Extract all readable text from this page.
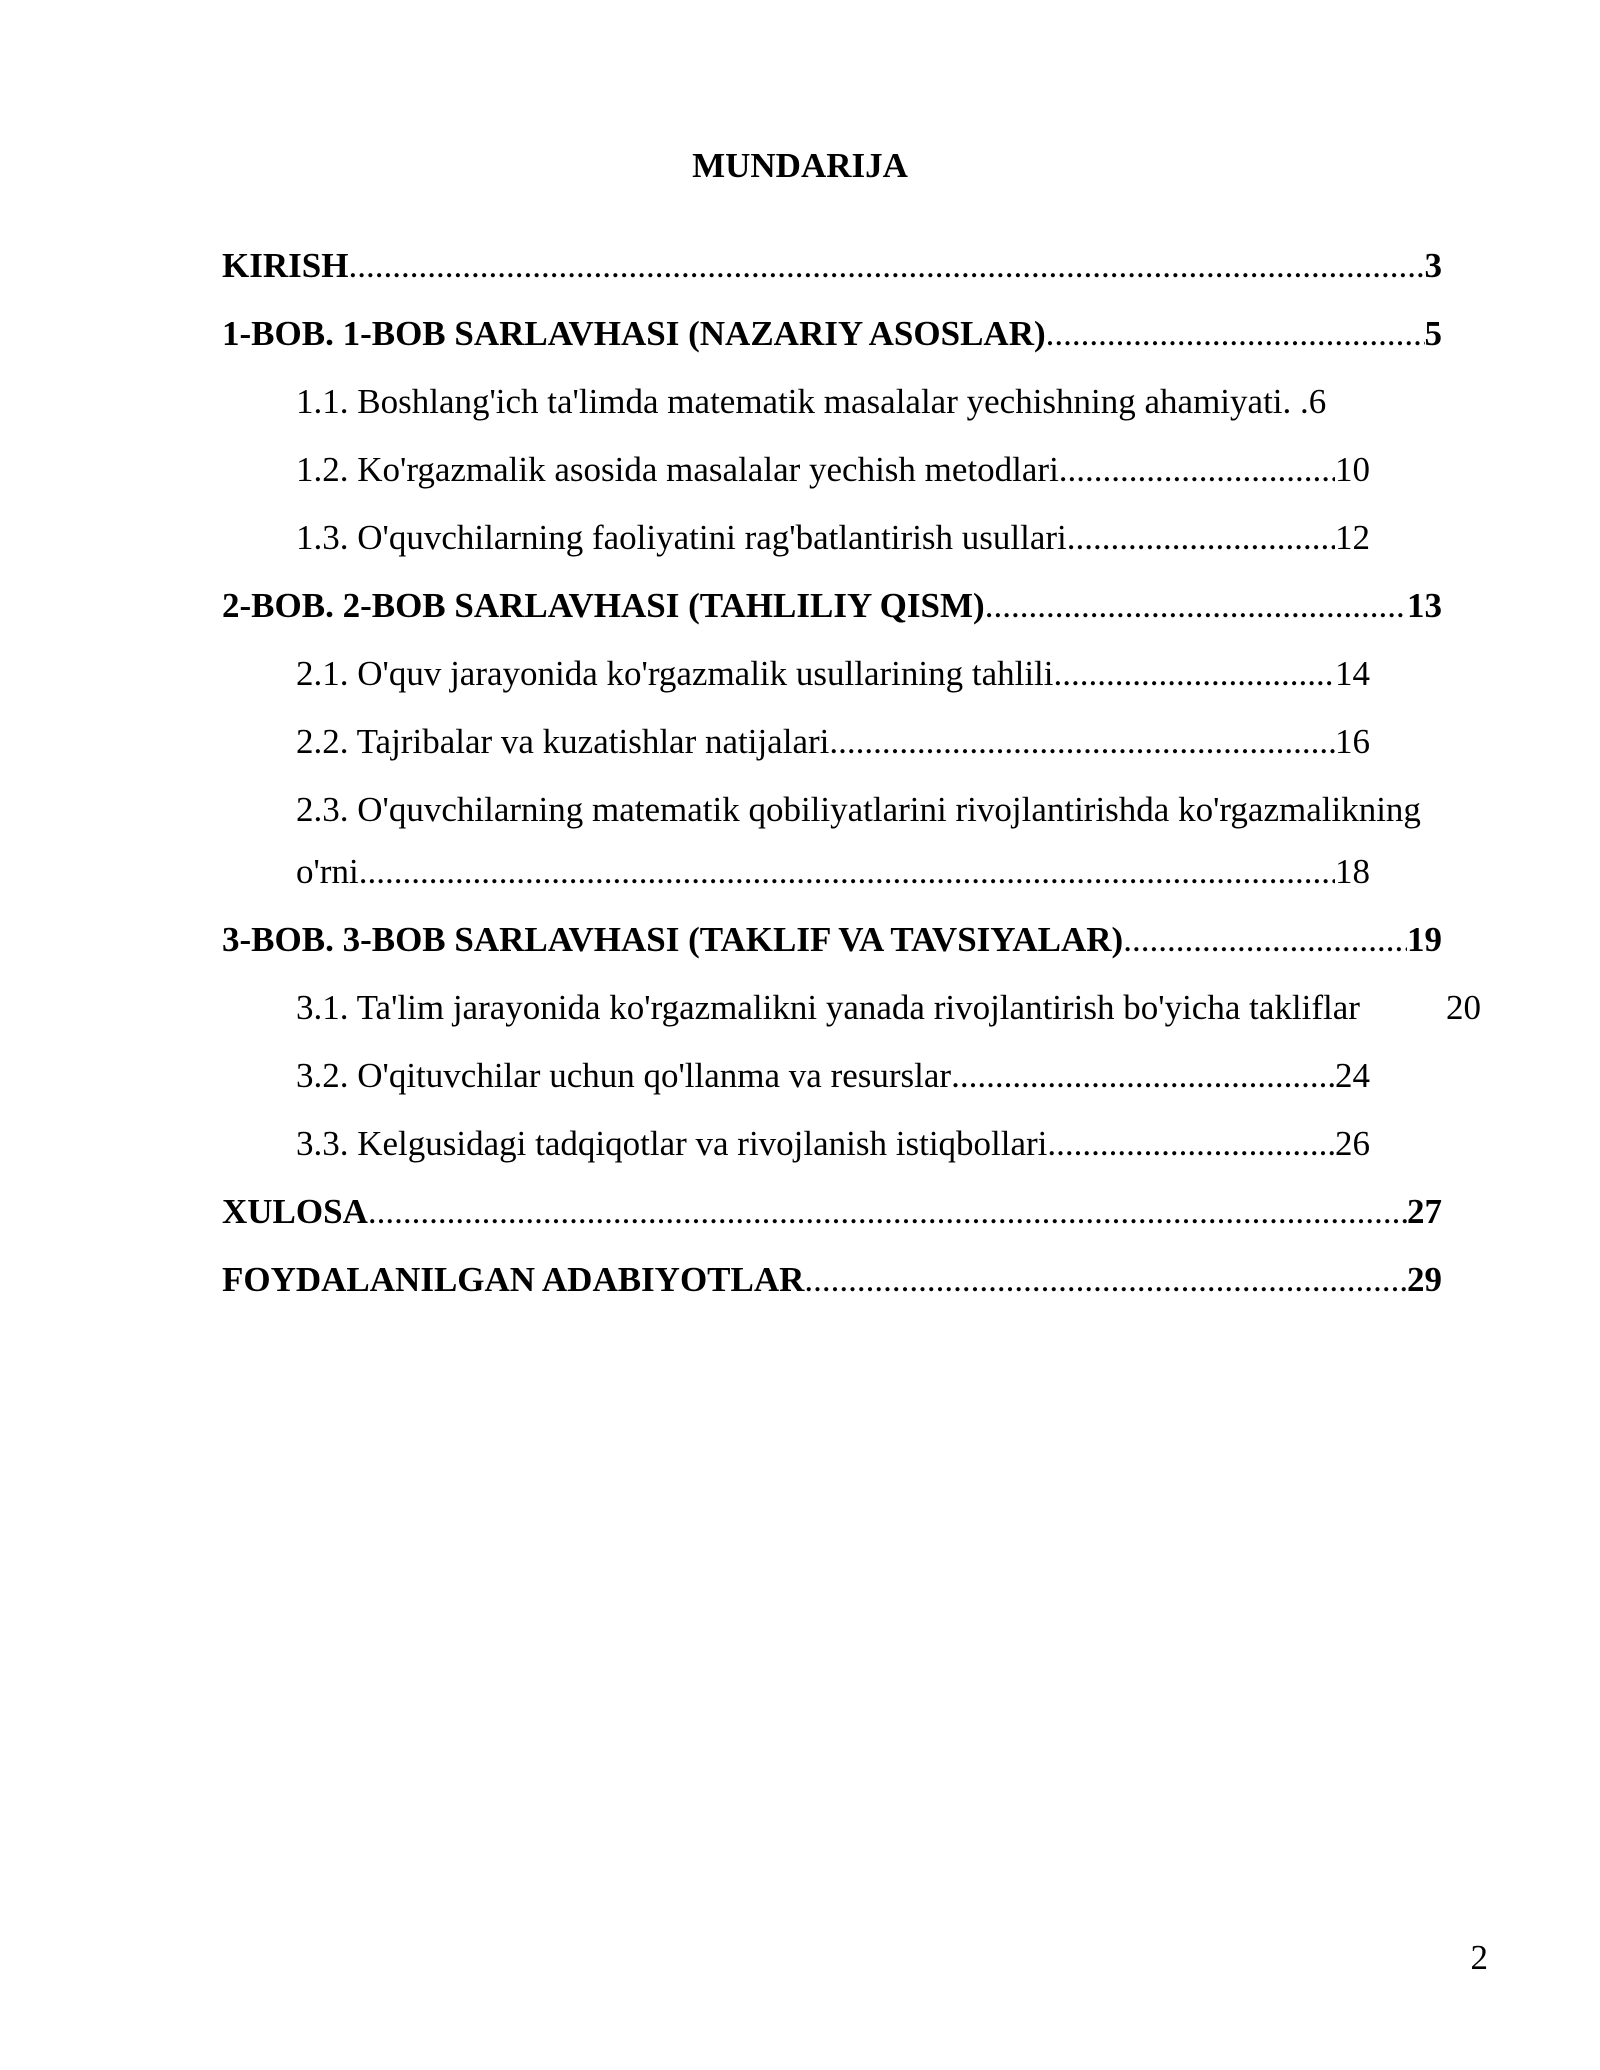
MUNDARIJA
KIRISH .....	3
1-BOB. 1-BOB SARLAVHASI (NAZARIY ASOSLAR) .....	5
1.1. Boshlang'ich ta'limda matematik masalalar yechishning ahamiyati. . 6
1.2. Ko'rgazmalik asosida masalalar yechish metodlari .....	10
1.3. O'quvchilarning faoliyatini rag'batlantirish usullari .....	12
2-BOB. 2-BOB SARLAVHASI (TAHLILIY QISM) .....	13
2.1. O'quv jarayonida ko'rgazmalik usullarining tahlili .....	14
2.2. Tajribalar va kuzatishlar natijalari .....	16
2.3. O'quvchilarning matematik qobiliyatlarini rivojlantirishda ko'rgazmalikning
o'rni .....	18
3-BOB. 3-BOB SARLAVHASI (TAKLIF VA TAVSIYALAR) .....	19
3.1. Ta'lim jarayonida ko'rgazmalikni yanada rivojlantirish bo'yicha takliflar 20
3.2. O'qituvchilar uchun qo'llanma va resurslar .....	24
3.3. Kelgusidagi tadqiqotlar va rivojlanish istiqbollari .....	26
XULOSA .....	27
FOYDALANILGAN ADABIYOTLAR .....	29
2
